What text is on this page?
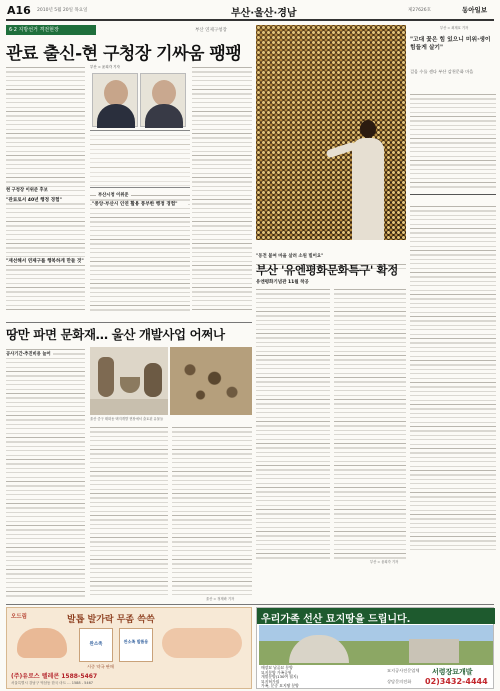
A16 2010년 5월 20일 목요일	부산·울산·경남	제27626호	동아일보
6·2 지방선거 격전현장	부산 연제구청장
관료 출신-현 구청장 기싸움 팽팽
부산 = 윤희각 기자
현 구청장 이위준 후보
"관료로서 40년 행정 경험"
부산시청 이위준
"중앙·부산시 인연 활용 풍부한 행정 경험"
"재선해서 연제구를 행복하게 만들 것"
땅만 파면 문화재… 울산 개발사업 어쩌나
공사기간·추진비용 늘어
울산 중구 태화동 택지개발 현장에서 출토된 유물들
울산 = 정재락 기자
부산 = 최재호 기자
"고대 꽃은 힘 있으니 미위·생이 힘들게 살기"
걸음 수를 센다 부산 감천문화 마을
"동전 붙여 마을 살려 소원 빌어요"
부산 '유엔평화문화특구' 확정
유엔평화기념관 11월 착공
부산 = 윤희각 기자
오드림	발톱 발가락 무좀 쓱쓱
완소족
완소족 발톱용
시중 약국 판매
(주)유로스 텔레콘 1588-5467
서울특별시 강남구 역삼동 한국 마트 ... 1588 - 5467
우리가족 선산 묘지땅을 드립니다.
매장묘 납골묘 분양
묘지분양 가족공원
개별분양(130여 필지)
묘지허가필
가족, 문중 묘지땅 분양
묘지공사전문업체 서령장묘개발
상담문의전화 02)3432-4444
